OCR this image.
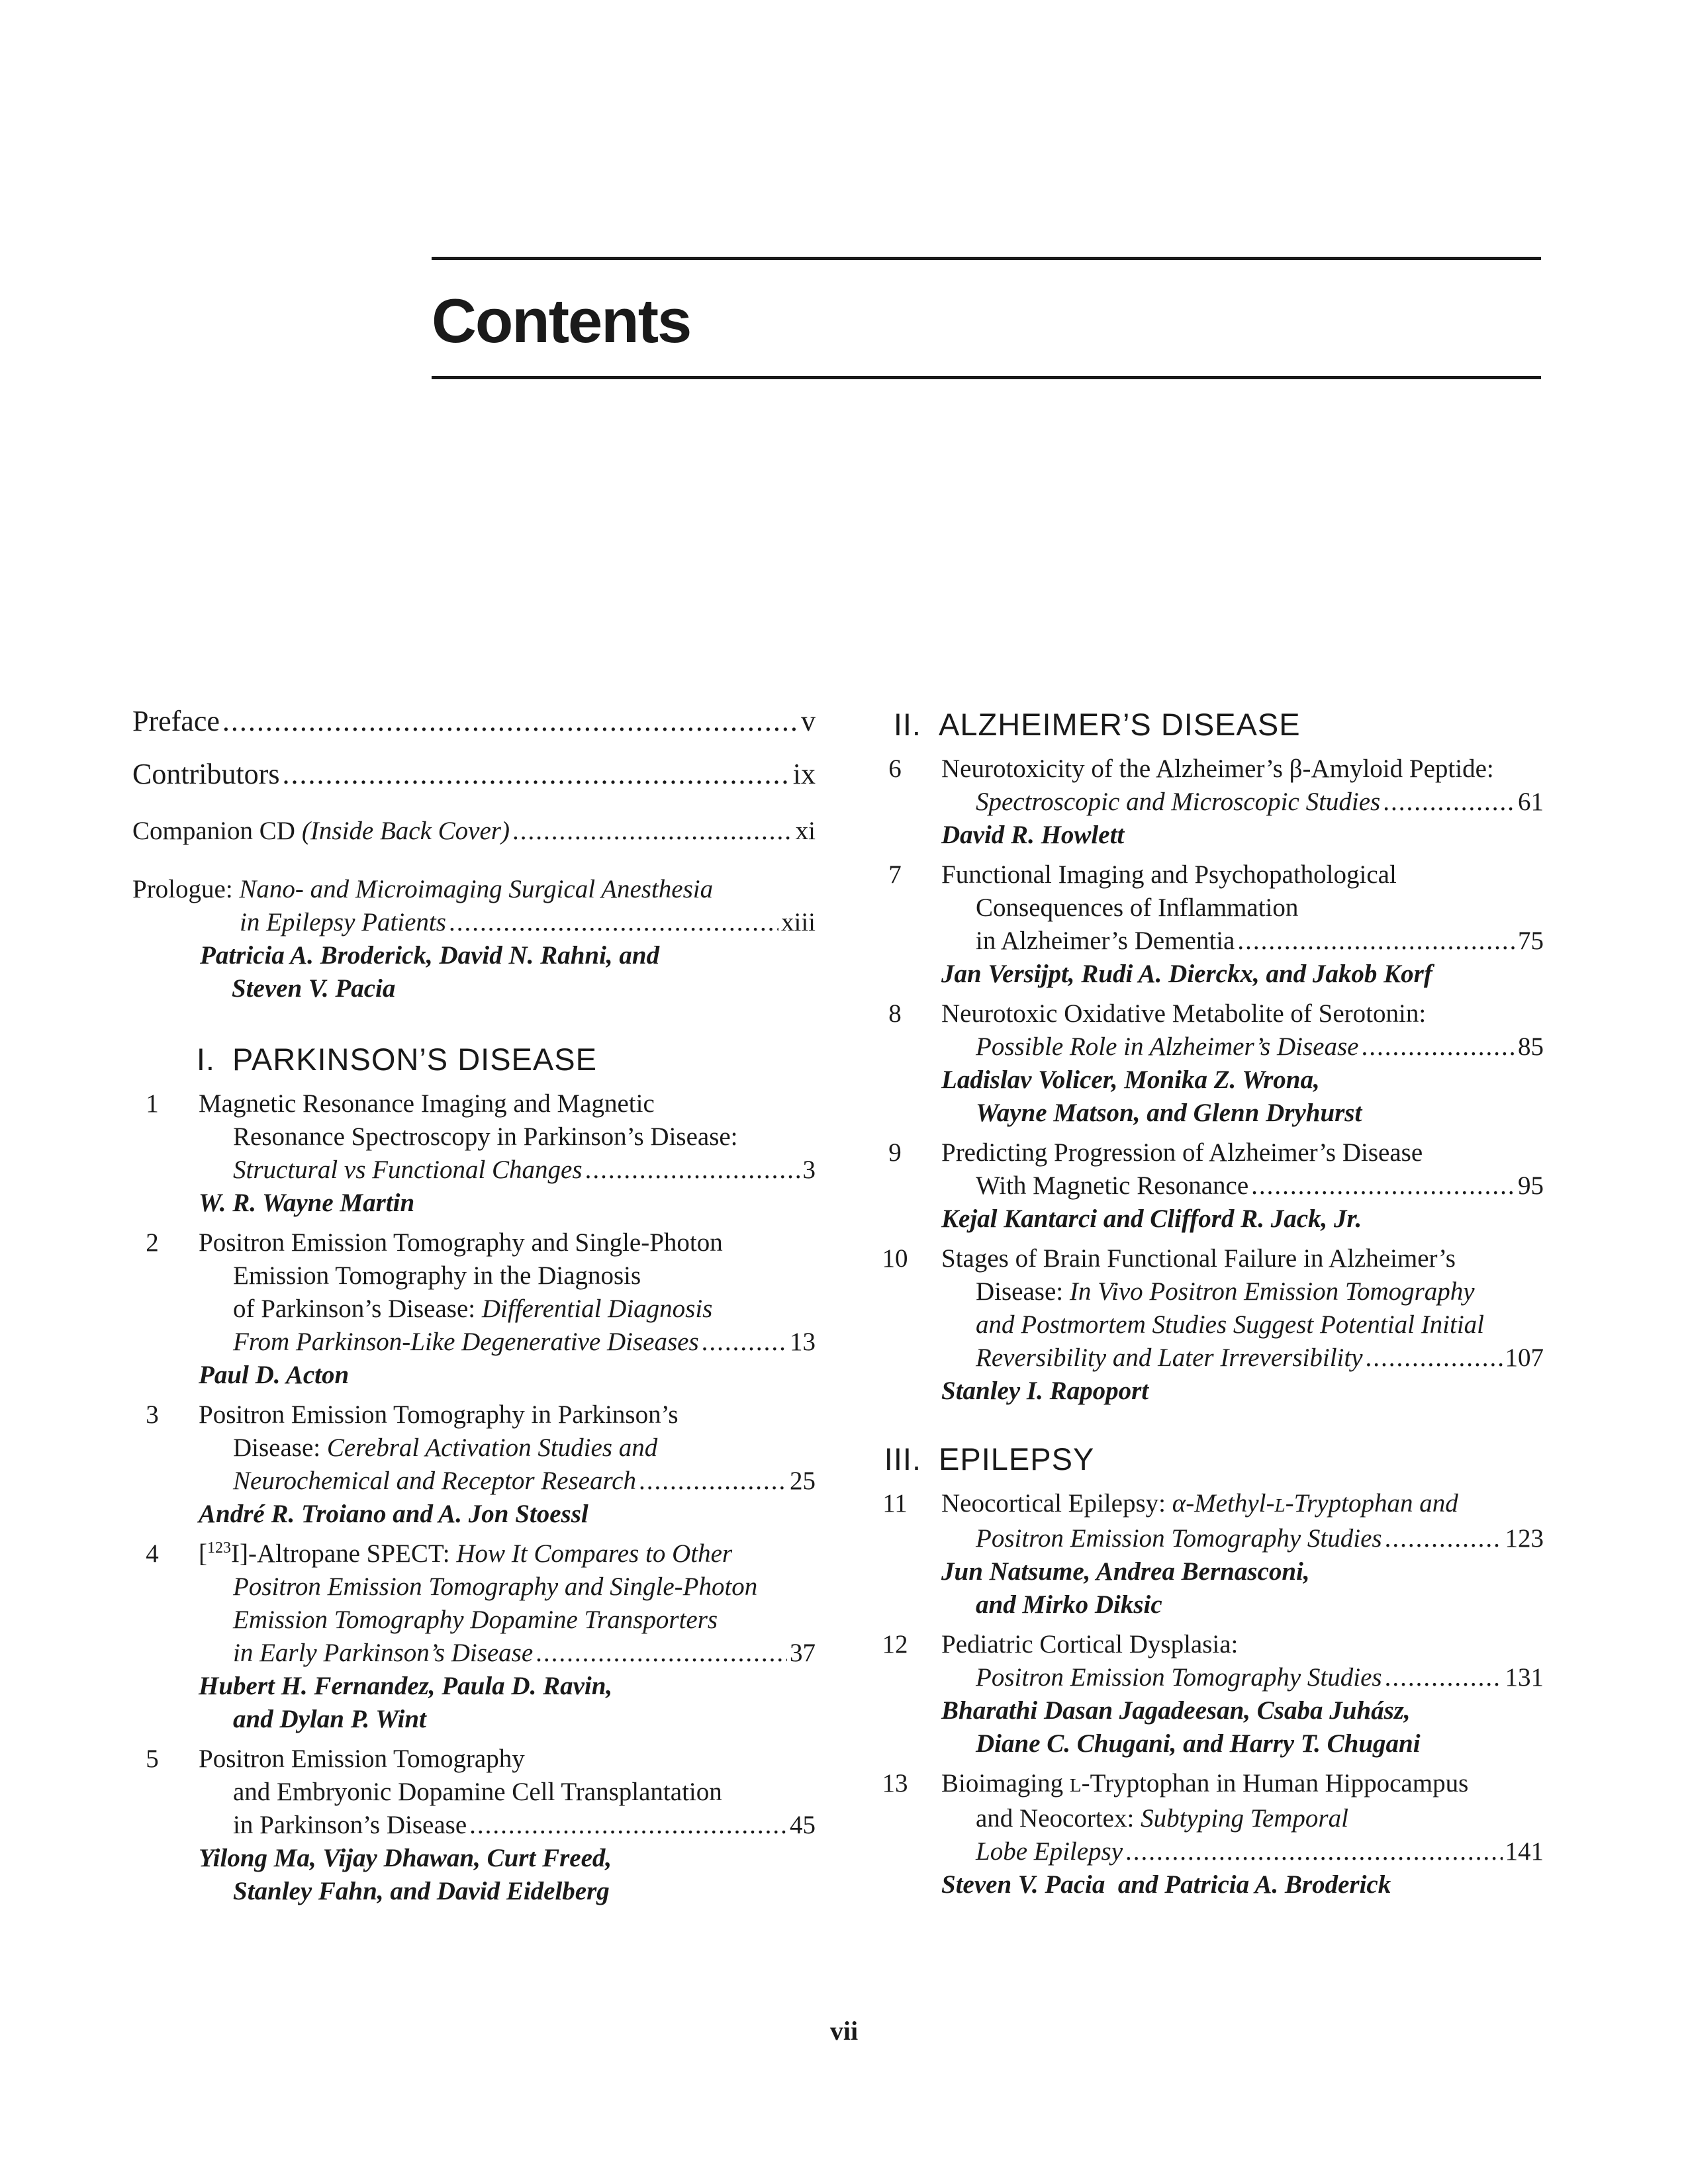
Contents
Preface .....	v
Contributors .....	ix
Companion CD (Inside Back Cover) .....	xi
Prologue: Nano- and Microimaging Surgical Anesthesia
in Epilepsy Patients .....	xiii
Patricia A. Broderick, David N. Rahni, and
Steven V. Pacia
I. PARKINSON’S DISEASE
1	Magnetic Resonance Imaging and Magnetic
Resonance Spectroscopy in Parkinson’s Disease:
Structural vs Functional Changes .....	3
W. R. Wayne Martin
2	Positron Emission Tomography and Single-Photon
Emission Tomography in the Diagnosis
of Parkinson’s Disease: Differential Diagnosis
From Parkinson-Like Degenerative Diseases .....	13
Paul D. Acton
3	Positron Emission Tomography in Parkinson’s
Disease: Cerebral Activation Studies and
Neurochemical and Receptor Research .....	25
André R. Troiano and A. Jon Stoessl
4	[$^{123}$I]-Altropane SPECT: How It Compares to Other
Positron Emission Tomography and Single-Photon
Emission Tomography Dopamine Transporters
in Early Parkinson’s Disease .....	37
Hubert H. Fernandez, Paula D. Ravin,
and Dylan P. Wint
5	Positron Emission Tomography
and Embryonic Dopamine Cell Transplantation
in Parkinson’s Disease .....	45
Yilong Ma, Vijay Dhawan, Curt Freed,
Stanley Fahn, and David Eidelberg
II. ALZHEIMER’S DISEASE
6	Neurotoxicity of the Alzheimer’s β-Amyloid Peptide:
Spectroscopic and Microscopic Studies .....	61
David R. Howlett
7	Functional Imaging and Psychopathological
Consequences of Inflammation
in Alzheimer’s Dementia .....	75
Jan Versijpt, Rudi A. Dierckx, and Jakob Korf
8	Neurotoxic Oxidative Metabolite of Serotonin:
Possible Role in Alzheimer’s Disease .....	85
Ladislav Volicer, Monika Z. Wrona,
Wayne Matson, and Glenn Dryhurst
9	Predicting Progression of Alzheimer’s Disease
With Magnetic Resonance .....	95
Kejal Kantarci and Clifford R. Jack, Jr.
10 Stages of Brain Functional Failure in Alzheimer’s
Disease: In Vivo Positron Emission Tomography
and Postmortem Studies Suggest Potential Initial
Reversibility and Later Irreversibility .....	107
Stanley I. Rapoport
III. EPILEPSY
11 Neocortical Epilepsy: α-Methyl-L-Tryptophan and
Positron Emission Tomography Studies .....	123
Jun Natsume, Andrea Bernasconi,
and Mirko Diksic
12 Pediatric Cortical Dysplasia:
Positron Emission Tomography Studies .....	131
Bharathi Dasan Jagadeesan, Csaba Juhász,
Diane C. Chugani, and Harry T. Chugani
13 Bioimaging L-Tryptophan in Human Hippocampus
and Neocortex: Subtyping Temporal
Lobe Epilepsy .....	141
Steven V. Pacia  and Patricia A. Broderick
vii
